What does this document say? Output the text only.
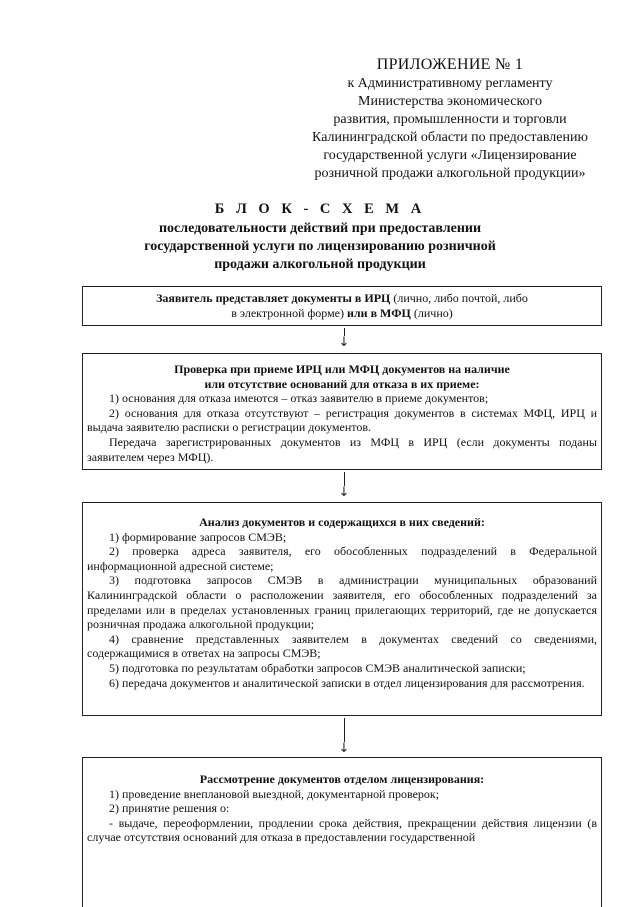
ПРИЛОЖЕНИЕ № 1
к Административному регламенту
Министерства экономического
развития, промышленности и торговли
Калининградской области по предоставлению
государственной услуги «Лицензирование
розничной продажи алкогольной продукции»
Б Л О К - С Х Е М А
последовательности действий при предоставлении
государственной услуги по лицензированию розничной
продажи алкогольной продукции
Заявитель представляет документы в ИРЦ (лично, либо почтой, либо
в электронной форме) или в МФЦ (лично)
↓

Проверка при приеме ИРЦ или МФЦ документов на наличие

или отсутствие оснований для отказа в их приеме:

1) основания для отказа имеются – отказ заявителю в приеме документов;

2) основания для отказа отсутствуют – регистрация документов в системах МФЦ, ИРЦ и выдача заявителю расписки о регистрации документов.

Передача зарегистрированных документов из МФЦ в ИРЦ (если документы поданы заявителем через МФЦ).

↓

Анализ документов и содержащихся в них сведений:

1) формирование запросов СМЭВ;

2) проверка адреса заявителя, его обособленных подразделений в Федеральной информационной адресной системе;

3) подготовка запросов СМЭВ в администрации муниципальных образований Калининградской области о расположении заявителя, его обособленных подразделений за пределами или в пределах установленных границ прилегающих территорий, где не допускается розничная продажа алкогольной продукции;

4) сравнение представленных заявителем в документах сведений со сведениями, содержащимися в ответах на запросы СМЭВ;

5) подготовка по результатам обработки запросов СМЭВ аналитической записки;

6) передача документов и аналитической записки в отдел лицензирования для рассмотрения.

↓

Рассмотрение документов отделом лицензирования:

1) проведение внеплановой выездной, документарной проверок;

2) принятие решения о:

- выдаче, переоформлении, продлении срока действия, прекращении действия лицензии (в случае отсутствия оснований для отказа в предоставлении государственной
